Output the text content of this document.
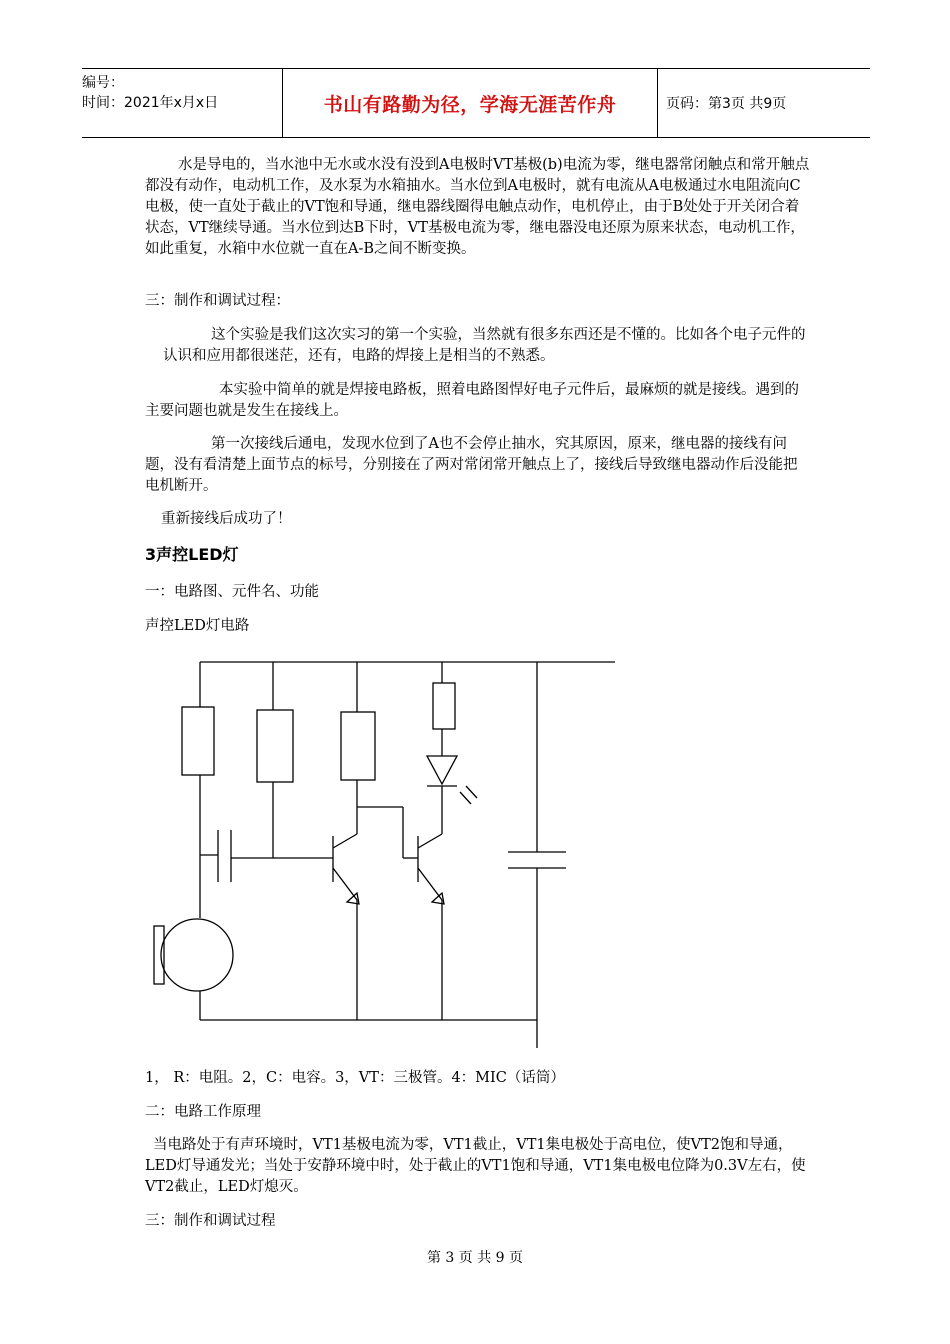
编号：
时间：2021年x月x日	书山有路勤为径，学海无涯苦作舟	页码：第3页 共9页

水是导电的，当水池中无水或水没有没到A电极时VT基极(b)电流为零，继电器常闭触点和常开触点都没有动作，电动机工作，及水泵为水箱抽水。当水位到A电极时，就有电流从A电极通过水电阻流向C电极，使一直处于截止的VT饱和导通，继电器线圈得电触点动作，电机停止，由于B处处于开关闭合着状态，VT继续导通。当水位到达B下时，VT基极电流为零，继电器没电还原为原来状态，电动机工作，如此重复，水箱中水位就一直在A-B之间不断变换。

三：制作和调试过程：

这个实验是我们这次实习的第一个实验，当然就有很多东西还是不懂的。比如各个电子元件的认识和应用都很迷茫，还有，电路的焊接上是相当的不熟悉。

本实验中简单的就是焊接电路板，照着电路图悍好电子元件后，最麻烦的就是接线。遇到的主要问题也就是发生在接线上。

第一次接线后通电，发现水位到了A也不会停止抽水，究其原因，原来，继电器的接线有问题，没有看清楚上面节点的标号，分别接在了两对常闭常开触点上了，接线后导致继电器动作后没能把电机断开。

重新接线后成功了！

3声控LED灯

一：电路图、元件名、功能

声控LED灯电路

1， R：电阻。2，C：电容。3，VT：三极管。4：MIC（话筒）

二：电路工作原理

当电路处于有声环境时，VT1基极电流为零，VT1截止，VT1集电极处于高电位，使VT2饱和导通，LED灯导通发光；当处于安静环境中时，处于截止的VT1饱和导通，VT1集电极电位降为0.3V左右，使VT2截止，LED灯熄灭。

三：制作和调试过程

第 3 页 共 9 页
